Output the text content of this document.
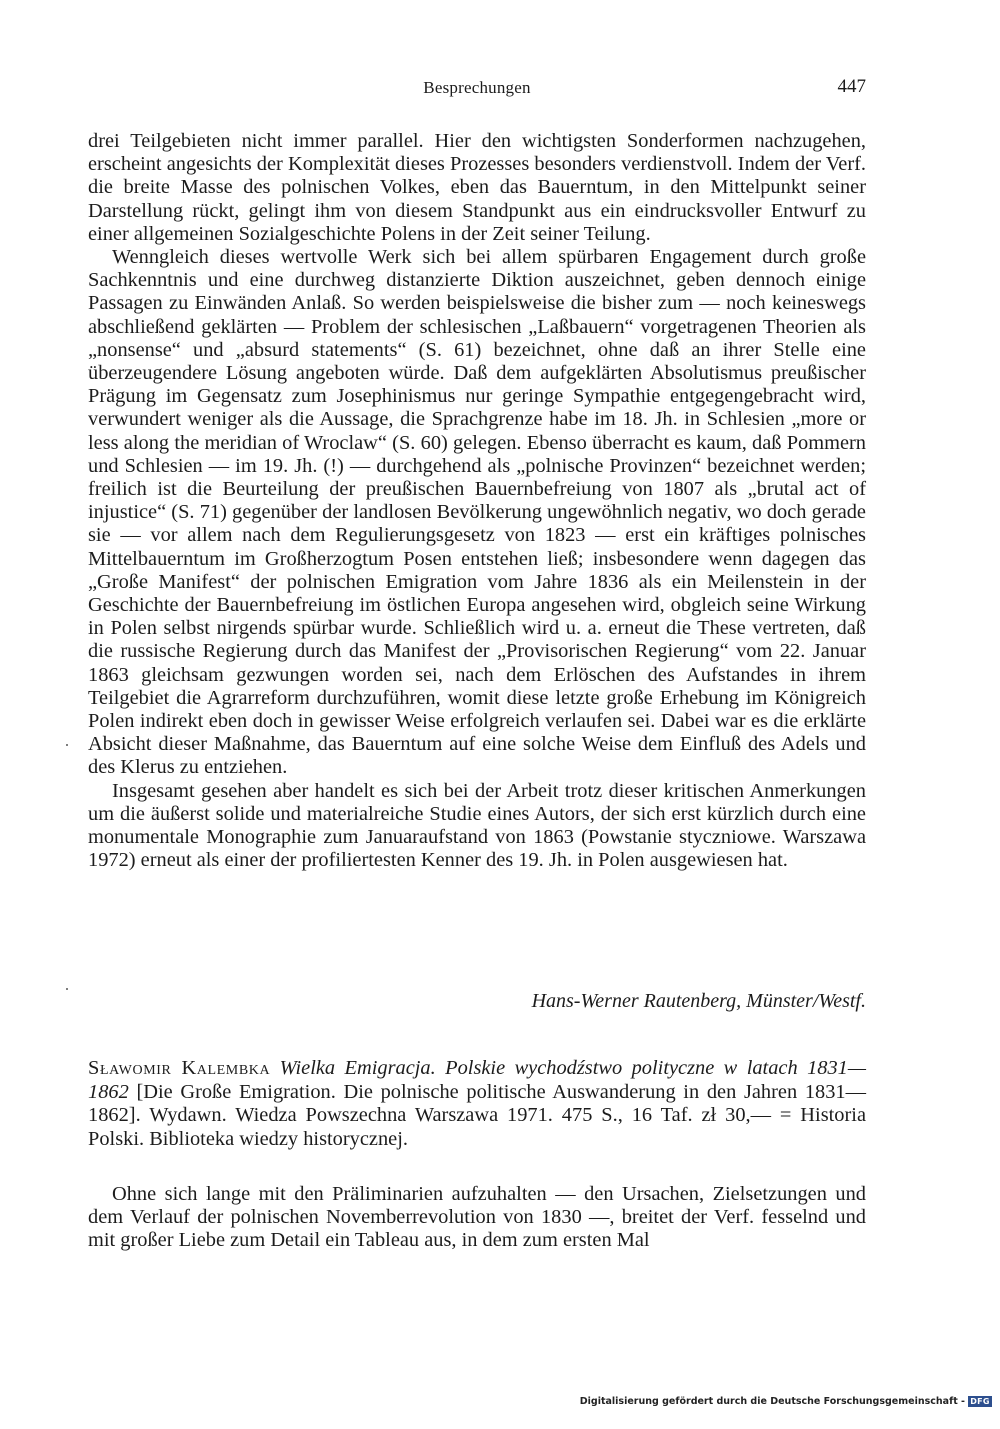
Besprechungen	447

drei Teilgebieten nicht immer parallel. Hier den wichtigsten Sonderformen nachzugehen, erscheint angesichts der Komplexität dieses Prozesses besonders verdienstvoll. Indem der Verf. die breite Masse des polnischen Volkes, eben das Bauerntum, in den Mittelpunkt seiner Darstellung rückt, gelingt ihm von diesem Standpunkt aus ein eindrucksvoller Entwurf zu einer allgemeinen Sozialgeschichte Polens in der Zeit seiner Teilung.

Wenngleich dieses wertvolle Werk sich bei allem spürbaren Engagement durch große Sachkenntnis und eine durchweg distanzierte Diktion auszeichnet, geben dennoch einige Passagen zu Einwänden Anlaß. So werden beispielsweise die bisher zum — noch keineswegs abschließend geklärten — Problem der schlesischen „Laßbauern“ vorgetragenen Theorien als „nonsense“ und „absurd statements“ (S. 61) bezeichnet, ohne daß an ihrer Stelle eine überzeugendere Lösung angeboten würde. Daß dem aufgeklärten Absolutismus preußischer Prägung im Gegensatz zum Josephinismus nur geringe Sympathie entgegengebracht wird, verwundert weniger als die Aussage, die Sprachgrenze habe im 18. Jh. in Schlesien „more or less along the meridian of Wroclaw“ (S. 60) gelegen. Ebenso überracht es kaum, daß Pommern und Schlesien — im 19. Jh. (!) — durchgehend als „polnische Provinzen“ bezeichnet werden; freilich ist die Beurteilung der preußischen Bauernbefreiung von 1807 als „brutal act of injustice“ (S. 71) gegenüber der landlosen Bevölkerung ungewöhnlich negativ, wo doch gerade sie — vor allem nach dem Regulierungsgesetz von 1823 — erst ein kräftiges polnisches Mittelbauerntum im Großherzogtum Posen entstehen ließ; insbesondere wenn dagegen das „Große Manifest“ der polnischen Emigration vom Jahre 1836 als ein Meilenstein in der Geschichte der Bauernbefreiung im östlichen Europa angesehen wird, obgleich seine Wirkung in Polen selbst nirgends spürbar wurde. Schließlich wird u. a. erneut die These vertreten, daß die russische Regierung durch das Manifest der „Provisorischen Regierung“ vom 22. Januar 1863 gleichsam gezwungen worden sei, nach dem Erlöschen des Aufstandes in ihrem Teilgebiet die Agrarreform durchzuführen, womit diese letzte große Erhebung im Königreich Polen indirekt eben doch in gewisser Weise erfolgreich verlaufen sei. Dabei war es die erklärte Absicht dieser Maßnahme, das Bauerntum auf eine solche Weise dem Einfluß des Adels und des Klerus zu entziehen.

Insgesamt gesehen aber handelt es sich bei der Arbeit trotz dieser kritischen Anmerkungen um die äußerst solide und materialreiche Studie eines Autors, der sich erst kürzlich durch eine monumentale Monographie zum Januaraufstand von 1863 (Powstanie styczniowe. Warszawa 1972) erneut als einer der profiliertesten Kenner des 19. Jh. in Polen ausgewiesen hat.

Hans-Werner Rautenberg, Münster/Westf.
Sławomir Kalembka Wielka Emigracja. Polskie wychodźstwo polityczne w latach 1831—1862 [Die Große Emigration. Die polnische politische Auswanderung in den Jahren 1831—1862]. Wydawn. Wiedza Powszechna Warszawa 1971. 475 S., 16 Taf. zł 30,— = Historia Polski. Biblioteka wiedzy historycznej.

Ohne sich lange mit den Präliminarien aufzuhalten — den Ursachen, Zielsetzungen und dem Verlauf der polnischen Novemberrevolution von 1830 —, breitet der Verf. fesselnd und mit großer Liebe zum Detail ein Tableau aus, in dem zum ersten Mal

Digitalisierung gefördert durch die Deutsche Forschungsgemeinschaft - DFG
